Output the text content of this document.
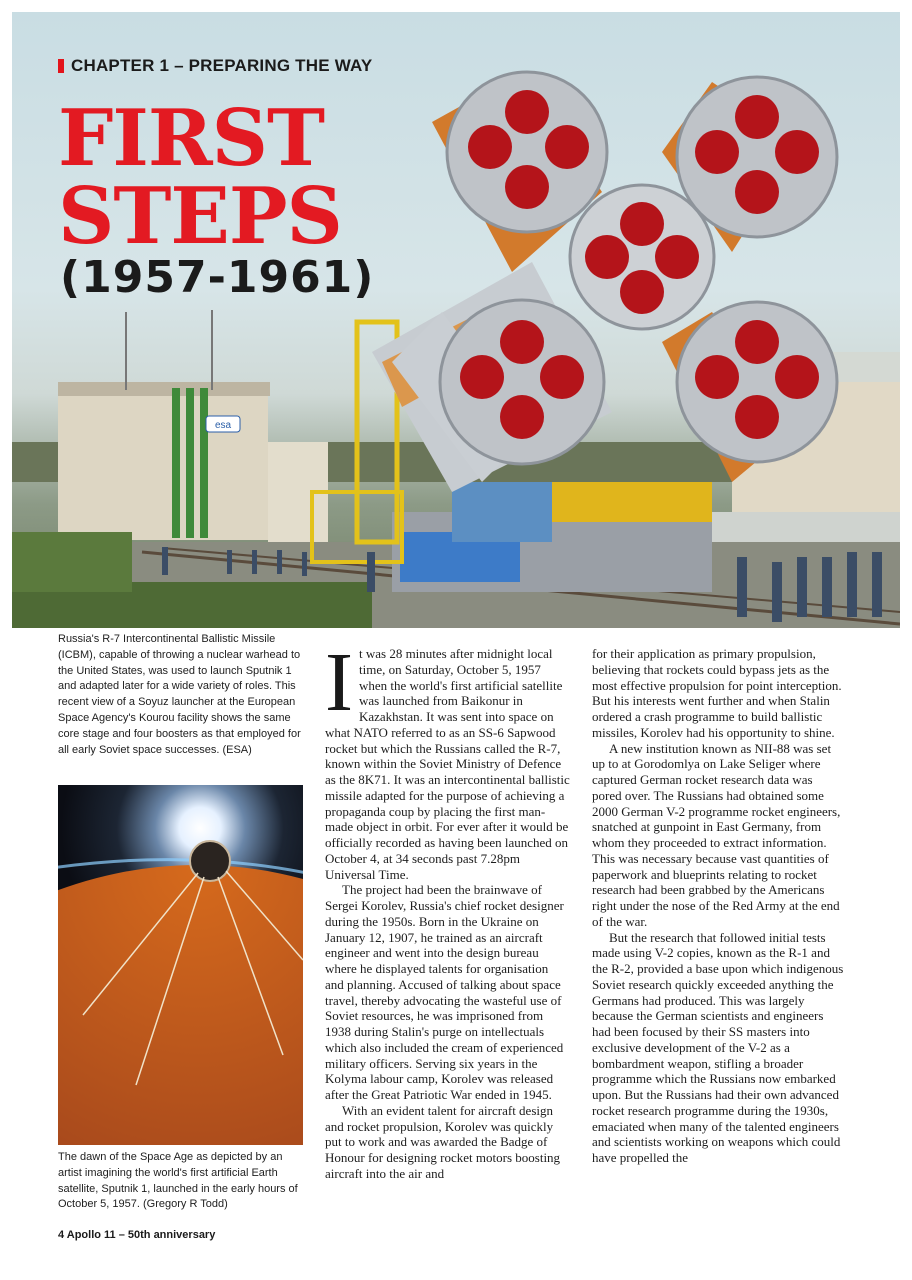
esa
CHAPTER 1 – PREPARING THE WAY
FIRST
STEPS
(1957-1961)
Russia's R-7 Intercontinental Ballistic Missile (ICBM), capable of throwing a nuclear warhead to the United States, was used to launch Sputnik 1 and adapted later for a wide variety of roles. This recent view of a Soyuz launcher at the European Space Agency's Kourou facility shows the same core stage and four boosters as that employed for all early Soviet space successes. (ESA)
The dawn of the Space Age as depicted by an artist imagining the world's first artificial Earth satellite, Sputnik 1, launched in the early hours of October 5, 1957. (Gregory R Todd)

It was 28 minutes after midnight local time, on Saturday, October 5, 1957 when the world's first artificial satellite was launched from Baikonur in Kazakhstan. It was sent into space on what NATO referred to as an SS-6 Sapwood rocket but which the Russians called the R-7, known within the Soviet Ministry of Defence as the 8K71. It was an intercontinental ballistic missile adapted for the purpose of achieving a propaganda coup by placing the first man-made object in orbit. For ever after it would be officially recorded as having been launched on October 4, at 34 seconds past 7.28pm Universal Time.

The project had been the brainwave of Sergei Korolev, Russia's chief rocket designer during the 1950s. Born in the Ukraine on January 12, 1907, he trained as an aircraft engineer and went into the design bureau where he displayed talents for organisation and planning. Accused of talking about space travel, thereby advocating the wasteful use of Soviet resources, he was imprisoned from 1938 during Stalin's purge on intellectuals which also included the cream of experienced military officers. Serving six years in the Kolyma labour camp, Korolev was released after the Great Patriotic War ended in 1945.

With an evident talent for aircraft design and rocket propulsion, Korolev was quickly put to work and was awarded the Badge of Honour for designing rocket motors boosting aircraft into the air and

for their application as primary propulsion, believing that rockets could bypass jets as the most effective propulsion for point interception. But his interests went further and when Stalin ordered a crash programme to build ballistic missiles, Korolev had his opportunity to shine.

A new institution known as NII-88 was set up to at Gorodomlya on Lake Seliger where captured German rocket research data was pored over. The Russians had obtained some 2000 German V-2 programme rocket engineers, snatched at gunpoint in East Germany, from whom they proceeded to extract information. This was necessary because vast quantities of paperwork and blueprints relating to rocket research had been grabbed by the Americans right under the nose of the Red Army at the end of the war.

But the research that followed initial tests made using V-2 copies, known as the R-1 and the R-2, provided a base upon which indigenous Soviet research quickly exceeded anything the Germans had produced. This was largely because the German scientists and engineers had been focused by their SS masters into exclusive development of the V-2 as a bombardment weapon, stifling a broader programme which the Russians now embarked upon. But the Russians had their own advanced rocket research programme during the 1930s, emaciated when many of the talented engineers and scientists working on weapons which could have propelled the

4 Apollo 11 – 50th anniversary
